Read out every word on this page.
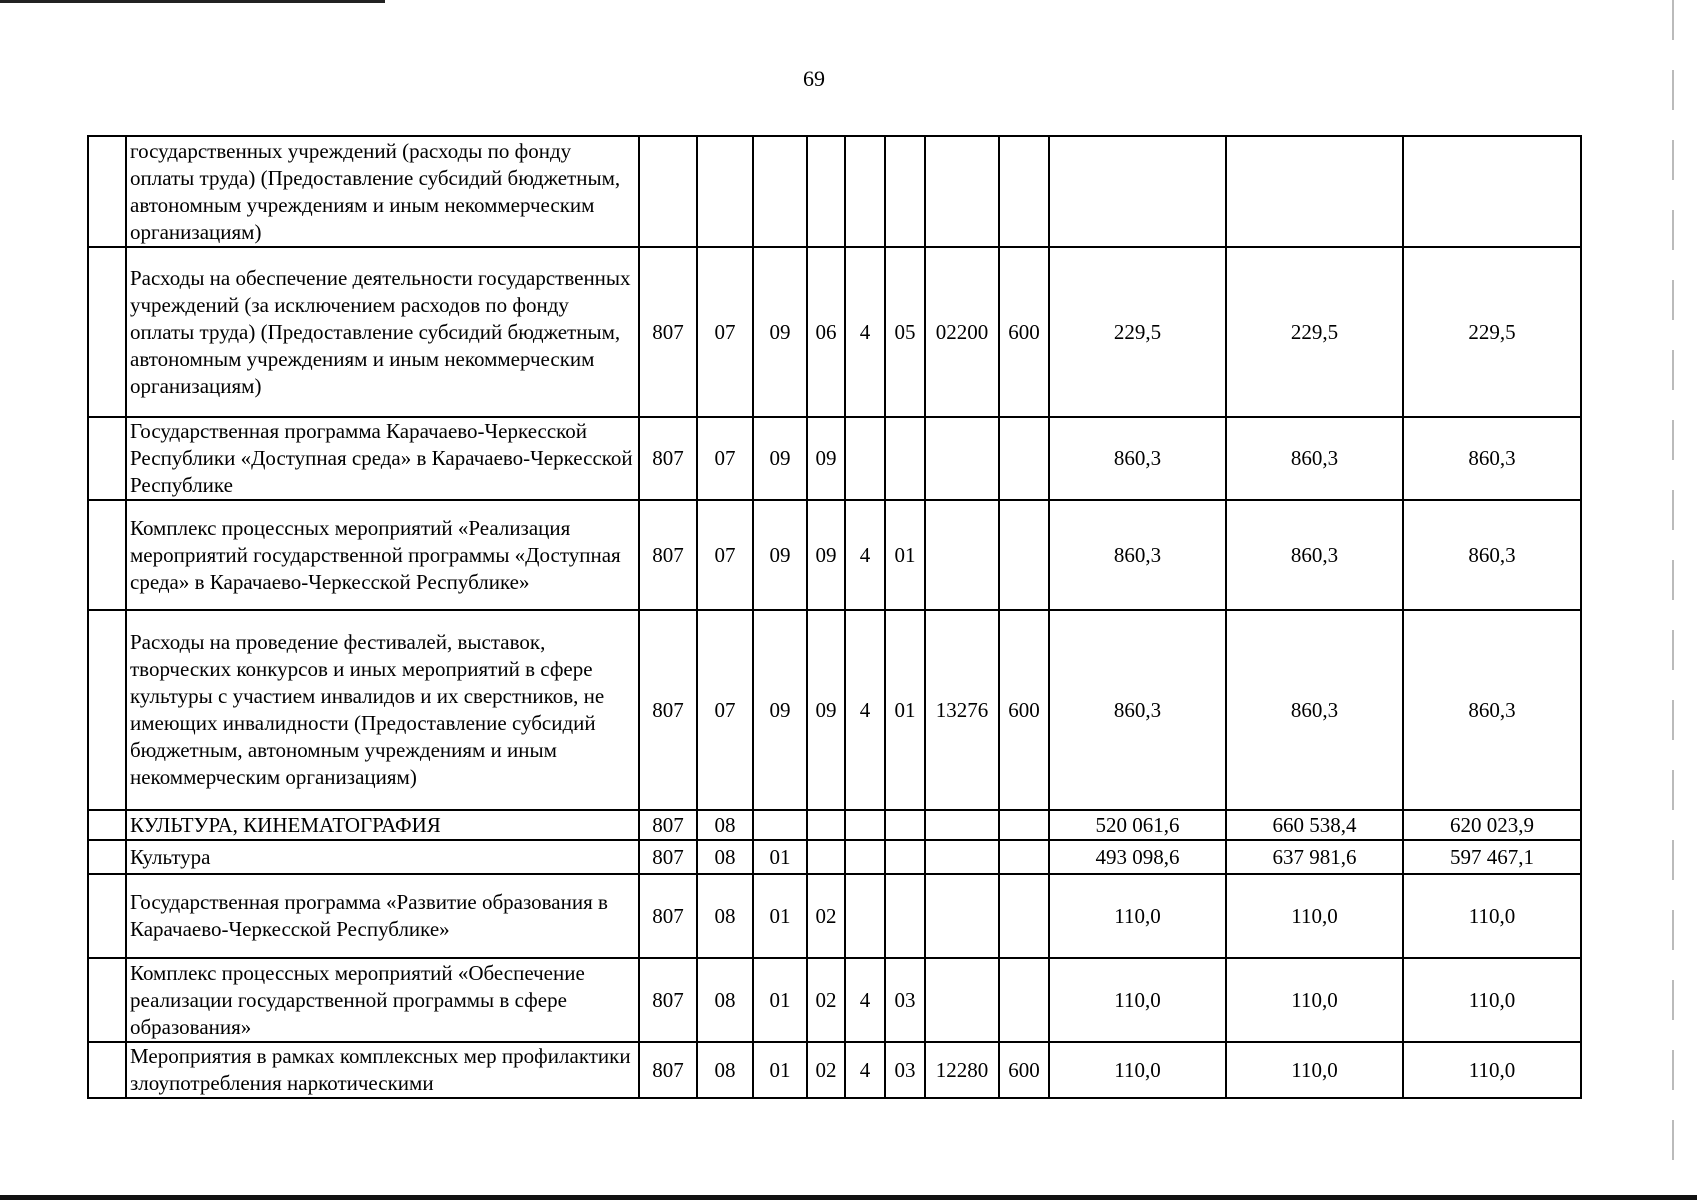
69
	государственных учреждений (расходы по фонду оплаты труда) (Предоставление субсидий бюджетным, автономным учреждениям и иным некоммерческим организациям)											
	Расходы на обеспечение деятельности государственных учреждений (за исключением расходов по фонду оплаты труда) (Предоставление субсидий бюджетным, автономным учреждениям и иным некоммерческим организациям)	807	07	09	06	4	05	02200	600	229,5	229,5	229,5
	Государственная программа Карачаево-Черкесской Республики «Доступная среда» в Карачаево-Черкесской Республике	807	07	09	09					860,3	860,3	860,3
	Комплекс процессных мероприятий «Реализация мероприятий государственной программы «Доступная среда» в Карачаево-Черкесской Республике»	807	07	09	09	4	01			860,3	860,3	860,3
	Расходы на проведение фестивалей, выставок, творческих конкурсов и иных мероприятий в сфере культуры с участием инвалидов и их сверстников, не имеющих инвалидности (Предоставление субсидий бюджетным, автономным учреждениям и иным некоммерческим организациям)	807	07	09	09	4	01	13276	600	860,3	860,3	860,3
	КУЛЬТУРА, КИНЕМАТОГРАФИЯ	807	08							520 061,6	660 538,4	620 023,9
	Культура	807	08	01						493 098,6	637 981,6	597 467,1
	Государственная программа «Развитие образования в Карачаево-Черкесской Республике»	807	08	01	02					110,0	110,0	110,0
	Комплекс процессных мероприятий «Обеспечение реализации государственной программы в сфере образования»	807	08	01	02	4	03			110,0	110,0	110,0
	Мероприятия в рамках комплексных мер профилактики злоупотребления наркотическими	807	08	01	02	4	03	12280	600	110,0	110,0	110,0
